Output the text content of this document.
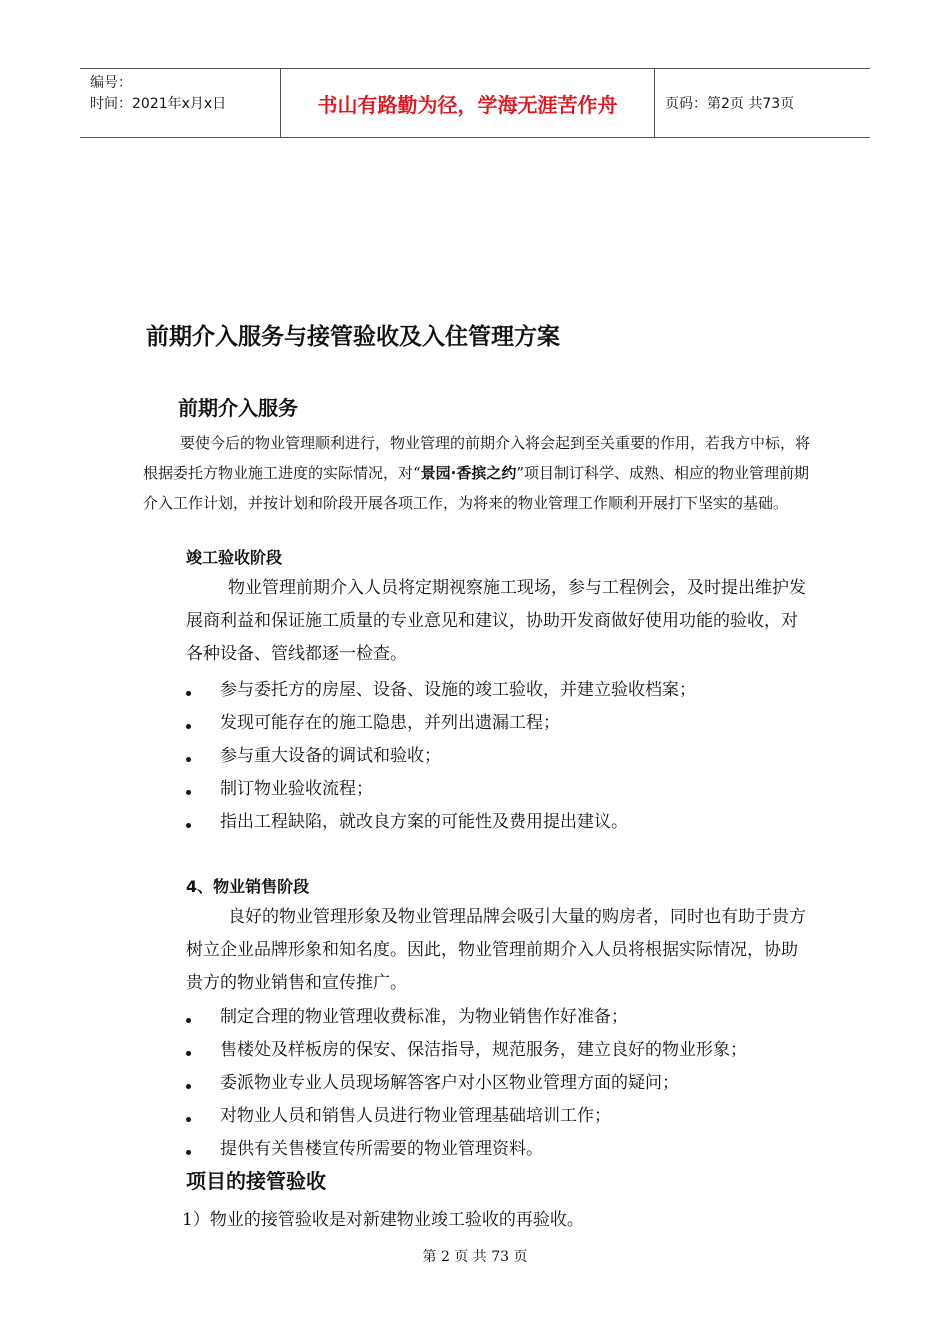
编号：
时间：2021年x月x日	书山有路勤为径，学海无涯苦作舟	页码：第2页 共73页
前期介入服务与接管验收及入住管理方案
前期介入服务
要使今后的物业管理顺利进行，物业管理的前期介入将会起到至关重要的作用，若我方中标，将根据委托方物业施工进度的实际情况，对“景园·香摈之约”项目制订科学、成熟、相应的物业管理前期介入工作计划，并按计划和阶段开展各项工作，为将来的物业管理工作顺利开展打下坚实的基础。
竣工验收阶段
物业管理前期介入人员将定期视察施工现场，参与工程例会，及时提出维护发展商利益和保证施工质量的专业意见和建议，协助开发商做好使用功能的验收，对各种设备、管线都逐一检查。
参与委托方的房屋、设备、设施的竣工验收，并建立验收档案；
发现可能存在的施工隐患，并列出遗漏工程；
参与重大设备的调试和验收；
制订物业验收流程；
指出工程缺陷，就改良方案的可能性及费用提出建议。
4、物业销售阶段
良好的物业管理形象及物业管理品牌会吸引大量的购房者，同时也有助于贵方树立企业品牌形象和知名度。因此，物业管理前期介入人员将根据实际情况，协助贵方的物业销售和宣传推广。
制定合理的物业管理收费标准，为物业销售作好准备；
售楼处及样板房的保安、保洁指导，规范服务，建立良好的物业形象；
委派物业专业人员现场解答客户对小区物业管理方面的疑问；
对物业人员和销售人员进行物业管理基础培训工作；
提供有关售楼宣传所需要的物业管理资料。
项目的接管验收
1）物业的接管验收是对新建物业竣工验收的再验收。
第 2 页 共 73 页
